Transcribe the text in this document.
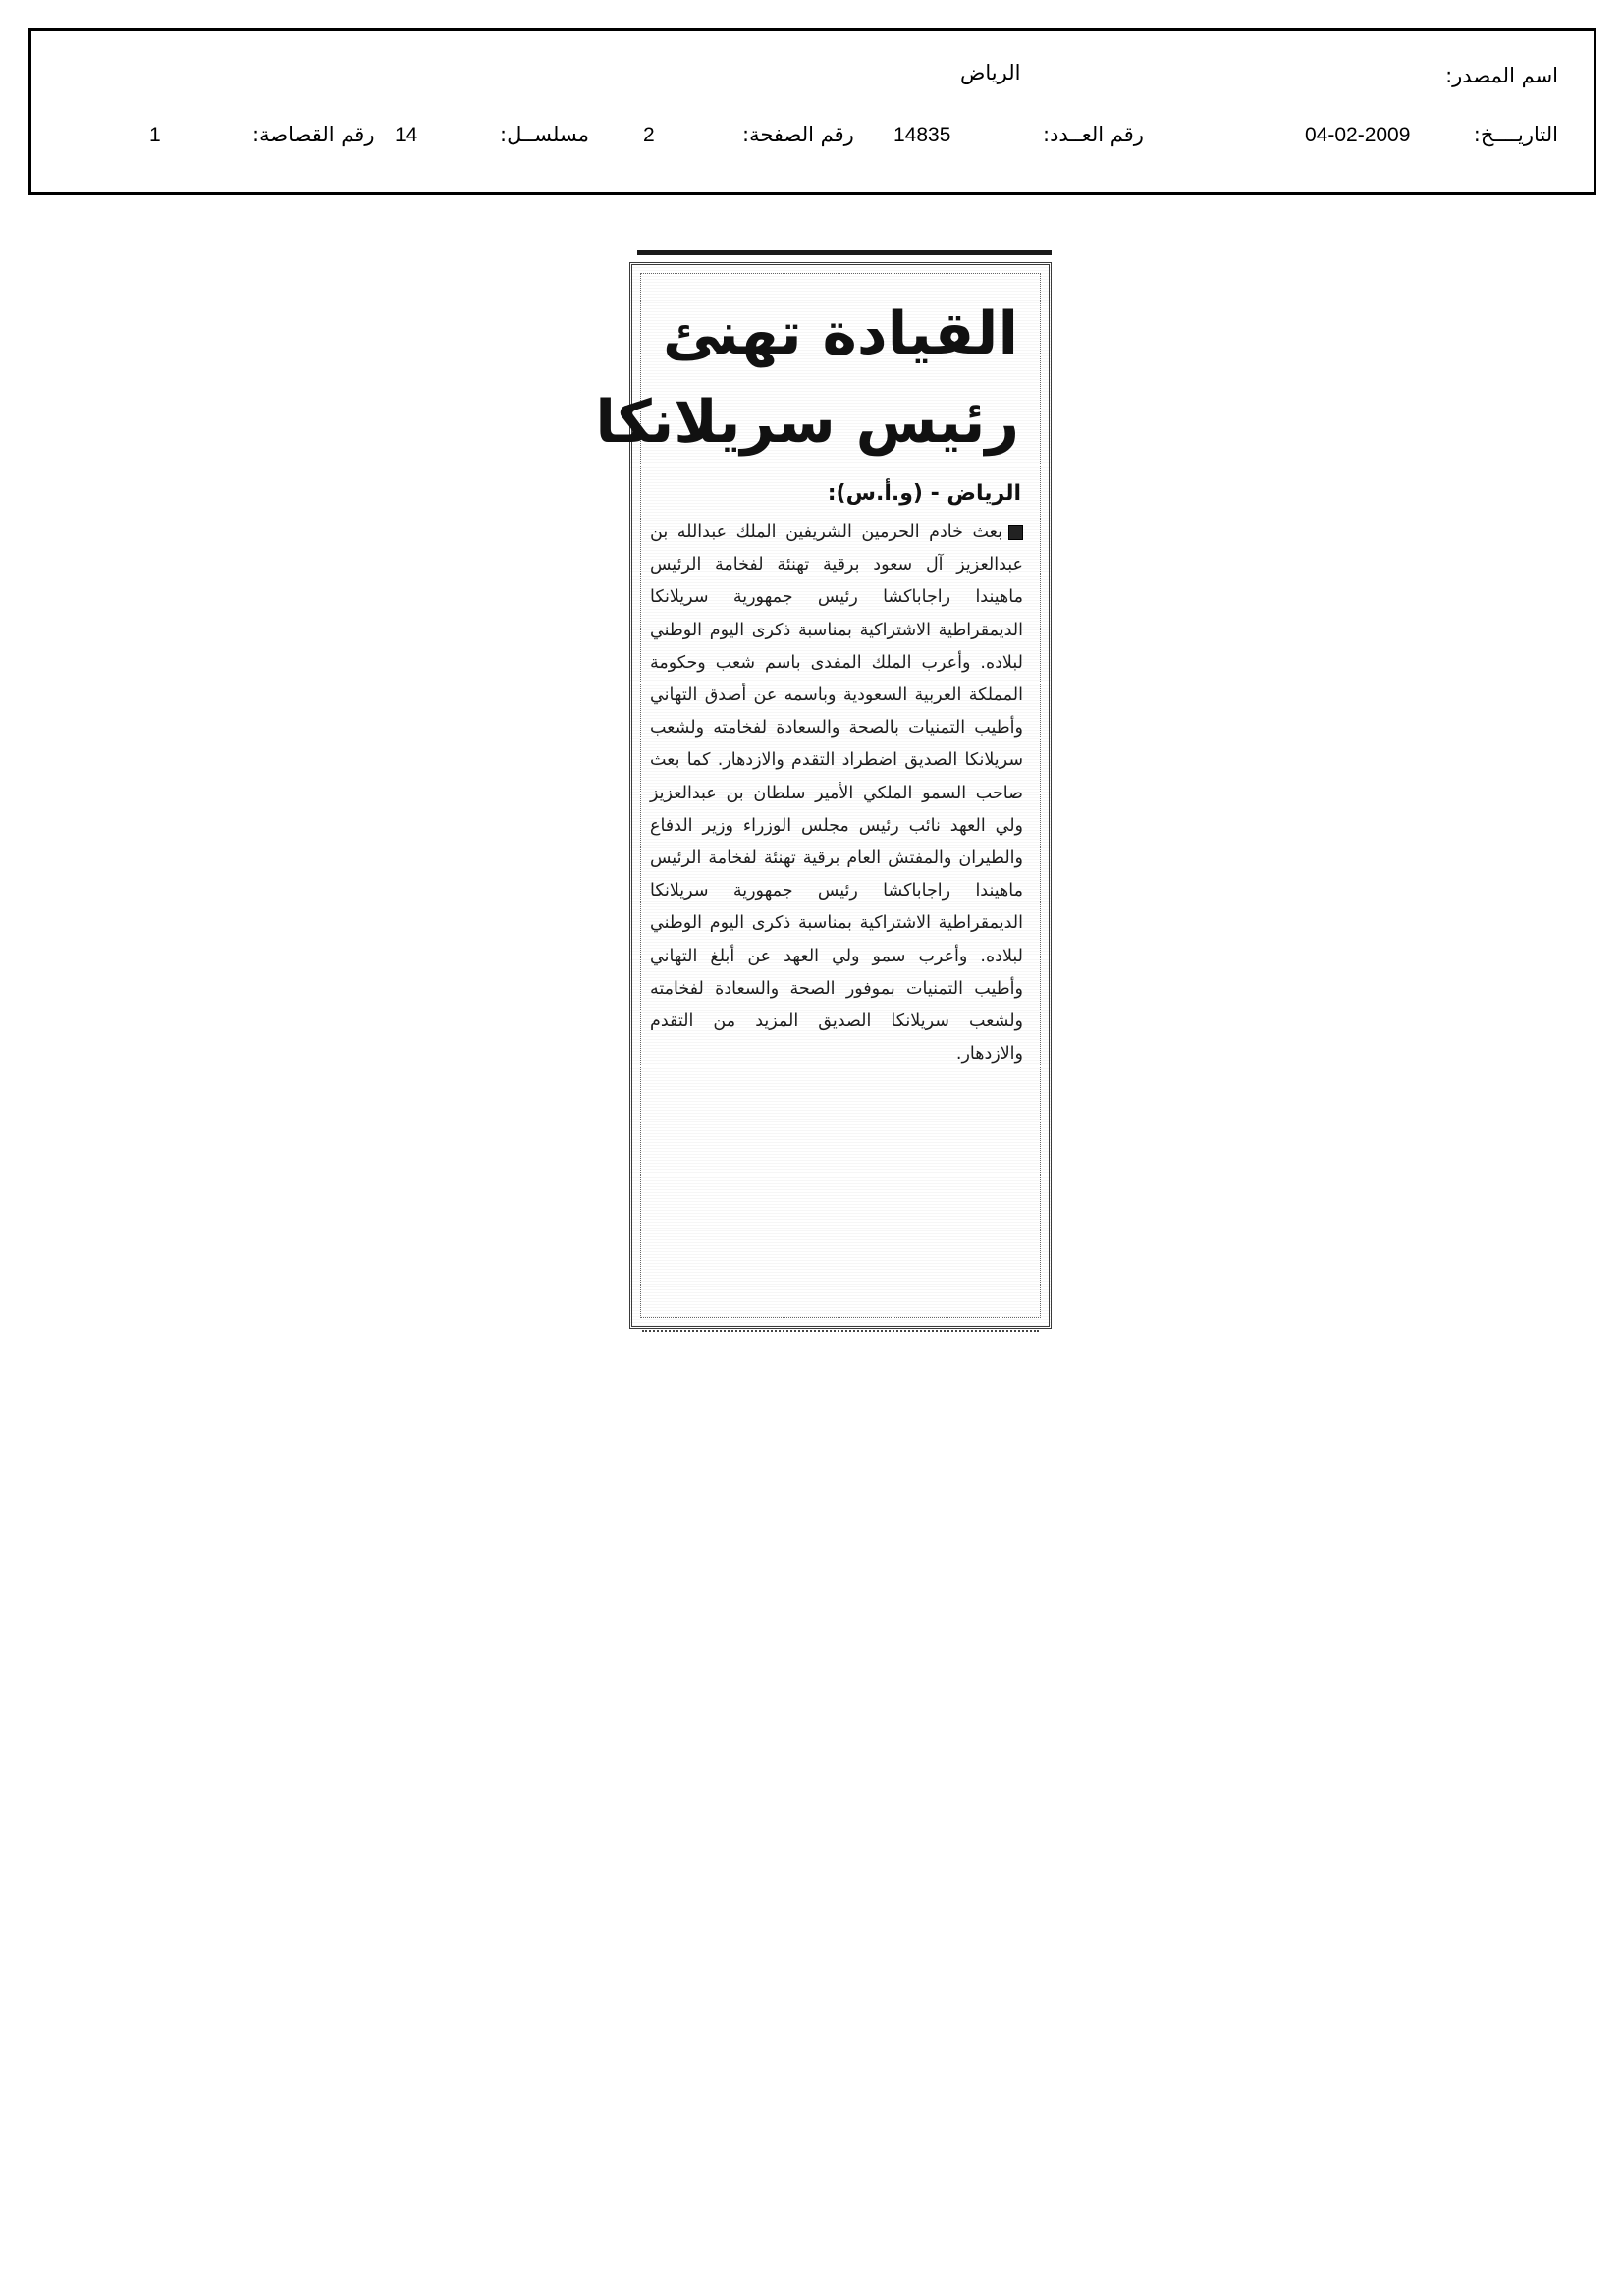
اسم المصدر:
الرياض
التاريــــخ:
04-02-2009
رقم العــدد:
14835
رقم الصفحة:
2
مسلســل:
14
رقم القصاصة:
1
القيادة تهنئ
رئيس سريلانكا
الرياض - (و.أ.س):
بعث خادم الحرمين الشريفين الملك عبدالله بن عبدالعزيز آل سعود برقية تهنئة لفخامة الرئيس ماهيندا راجاباكشا رئيس جمهورية سريلانكا الديمقراطية الاشتراكية بمناسبة ذكرى اليوم الوطني لبلاده. وأعرب الملك المفدى باسم شعب وحكومة المملكة العربية السعودية وباسمه عن أصدق التهاني وأطيب التمنيات بالصحة والسعادة لفخامته ولشعب سريلانكا الصديق اضطراد التقدم والازدهار. كما بعث صاحب السمو الملكي الأمير سلطان بن عبدالعزيز ولي العهد نائب رئيس مجلس الوزراء وزير الدفاع والطيران والمفتش العام برقية تهنئة لفخامة الرئيس ماهيندا راجاباكشا رئيس جمهورية سريلانكا الديمقراطية الاشتراكية بمناسبة ذكرى اليوم الوطني لبلاده. وأعرب سمو ولي العهد عن أبلغ التهاني وأطيب التمنيات بموفور الصحة والسعادة لفخامته ولشعب سريلانكا الصديق المزيد من التقدم والازدهار.
